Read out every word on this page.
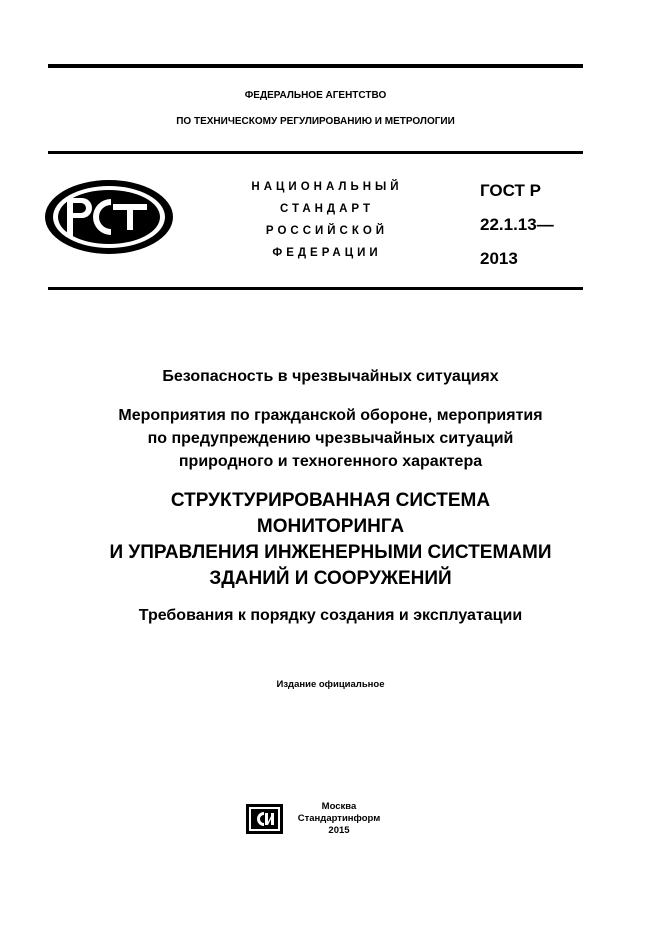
ФЕДЕРАЛЬНОЕ АГЕНТСТВО
ПО ТЕХНИЧЕСКОМУ РЕГУЛИРОВАНИЮ И МЕТРОЛОГИИ
НАЦИОНАЛЬНЫЙ
СТАНДАРТ
РОССИЙСКОЙ
ФЕДЕРАЦИИ
ГОСТ Р
22.1.13—
2013
Безопасность в чрезвычайных ситуациях
Мероприятия по гражданской обороне, мероприятия
по предупреждению чрезвычайных ситуаций
природного и техногенного характера
СТРУКТУРИРОВАННАЯ СИСТЕМА
МОНИТОРИНГА
И УПРАВЛЕНИЯ ИНЖЕНЕРНЫМИ СИСТЕМАМИ
ЗДАНИЙ И СООРУЖЕНИЙ
Требования к порядку создания и эксплуатации
Издание официальное
Москва
Стандартинформ
2015
